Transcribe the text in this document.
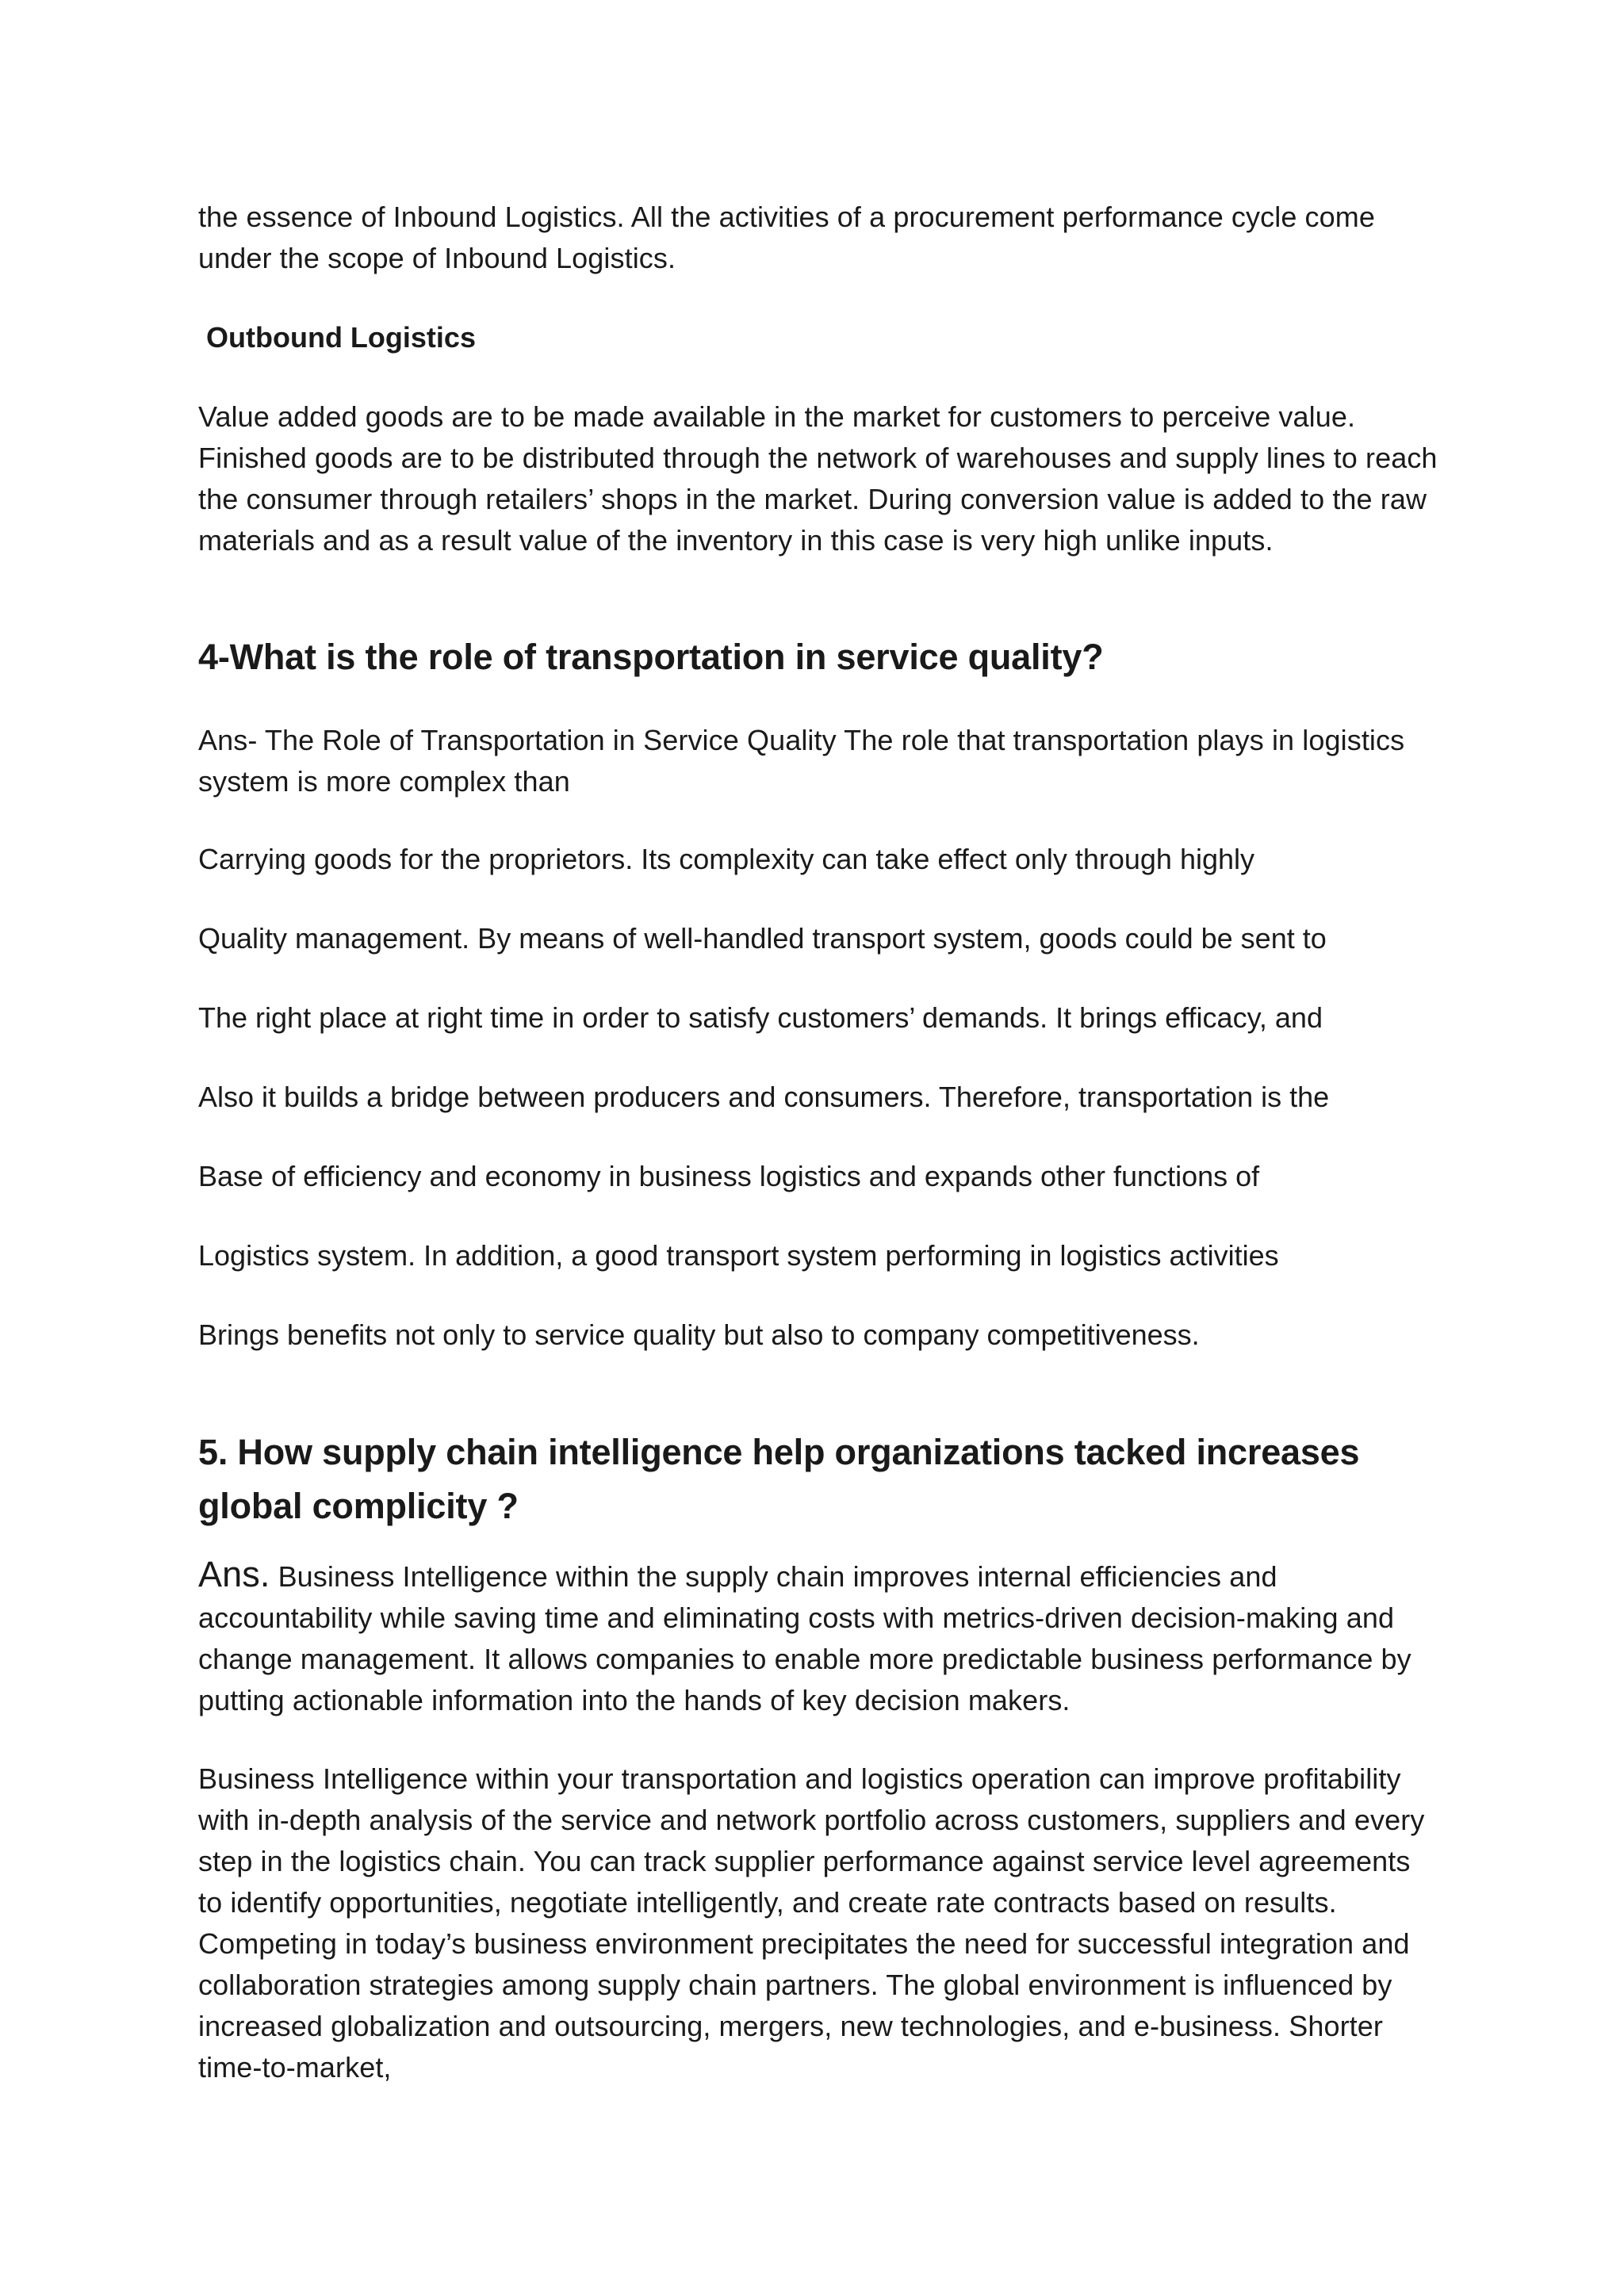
the essence of Inbound Logistics. All the activities of a procurement performance cycle come under the scope of Inbound Logistics.
Outbound Logistics
Value added goods are to be made available in the market for customers to perceive value. Finished goods are to be distributed through the network of warehouses and supply lines to reach the consumer through retailers’ shops in the market. During conversion value is added to the raw materials and as a result value of the inventory in this case is very high unlike inputs.
4-What is the role of transportation in service quality?
Ans- The Role of Transportation in Service Quality The role that transportation plays in logistics system is more complex than
Carrying goods for the proprietors. Its complexity can take effect only through highly
Quality management. By means of well-handled transport system, goods could be sent to
The right place at right time in order to satisfy customers’ demands. It brings efficacy, and
Also it builds a bridge between producers and consumers. Therefore, transportation is the
Base of efficiency and economy in business logistics and expands other functions of
Logistics system. In addition, a good transport system performing in logistics activities
Brings benefits not only to service quality but also to company competitiveness.
5. How supply chain intelligence help organizations tacked increases global complicity ?
Ans. Business Intelligence within the supply chain improves internal efficiencies and accountability while saving time and eliminating costs with metrics-driven decision-making and change management. It allows companies to enable more predictable business performance by putting actionable information into the hands of key decision makers.
Business Intelligence within your transportation and logistics operation can improve profitability with in-depth analysis of the service and network portfolio across customers, suppliers and every step in the logistics chain. You can track supplier performance against service level agreements to identify opportunities, negotiate intelligently, and create rate contracts based on results. Competing in today’s business environment precipitates the need for successful integration and collaboration strategies among supply chain partners. The global environment is influenced by increased globalization and outsourcing, mergers, new technologies, and e-business. Shorter time-to-market,
